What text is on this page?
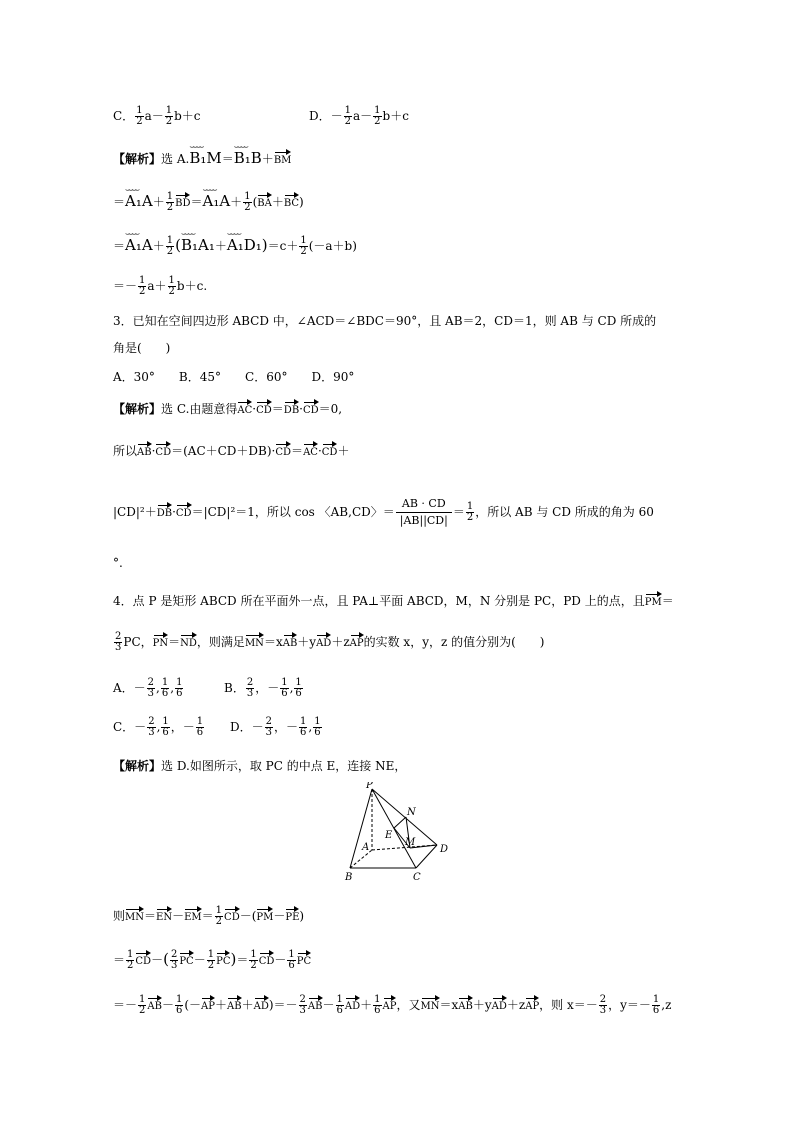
C． $\frac{1}{2} a- \frac{1}{2} b+c$	D．－ $\frac{1}{2} a- \frac{1}{2} b+c$
【解析】选 A.⌣⌣⌣⌣ B₁M＝⌣⌣⌣⌣ B₁B＋BM
＝⌣⌣⌣⌣ $A_1A+ \frac{1}{2}$ BD＝⌣⌣⌣⌣ $A_1A+ \frac{1}{2} (BA+BC)$
＝⌣⌣⌣⌣ $A_1A+ \frac{1}{2}$ (⌣⌣⌣⌣ B₁A₁＋⌣⌣⌣⌣ $A_1D_1)=c+ \frac{1}{2} (-a+b)$
＝－ $\frac{1}{2} a+ \frac{1}{2} b+c$.
3．已知在空间四边形 ABCD 中，∠ACD＝∠BDC＝90°，且 AB＝2，CD＝1，则 AB 与 CD 所成的
角是(　　)
A．30°　　B．45°　　C．60°　　D．90°
【解析】选 C.由题意得AC·CD＝DB·CD＝0,
所以AB·CD＝(AC＋CD＋DB)·CD＝AC·CD＋
|CD|²＋DB·CD＝|CD|²＝1，所以 cos 〈AB,CD〉＝ $\frac{AB \cdot CD}{|AB||CD|} = \frac{1}{2}$ ，所以 AB 与 CD 所成的角为 60
°.
4．点 P 是矩形 ABCD 所在平面外一点，且 PA⊥平面 ABCD，M，N 分别是 PC，PD 上的点，且PM＝
$\frac{2}{3}$ PC，PN＝ND，则满足MN＝xAB＋yAD＋zAP的实数 x，y，z 的值分别为(　　)
A．－ $\frac{2}{3}$ , $\frac{1}{6}$ , $\frac{1}{6}$	B． $\frac{2}{3}$ ，－ $\frac{1}{6}$ , $\frac{1}{6}$
C．－ $\frac{2}{3}$ , $\frac{1}{6}$ ，－ $\frac{1}{6}$ D．－ $\frac{2}{3}$ ，－ $\frac{1}{6}$ , $\frac{1}{6}$
【解析】选 D.如图所示，取 PC 的中点 E，连接 NE，
P
N
E
M
A	D
B	C
则$MN=EN-EM= \frac{1}{2} CD-(PM-PE)$
＝ $\frac{1}{2} CD-( \frac{2}{3} PC- \frac{1}{2} PC)= \frac{1}{2} CD- \frac{1}{6}$ PC
＝－ $\frac{1}{2} AB- \frac{1}{6} (-AP+AB+AD)=- \frac{2}{3} AB- \frac{1}{6} AD+ \frac{1}{6}$ AP，又MN＝xAB＋yAD＋zAP，则 $x=- \frac{2}{3}$ ，$y=- \frac{1}{6} ,z$
